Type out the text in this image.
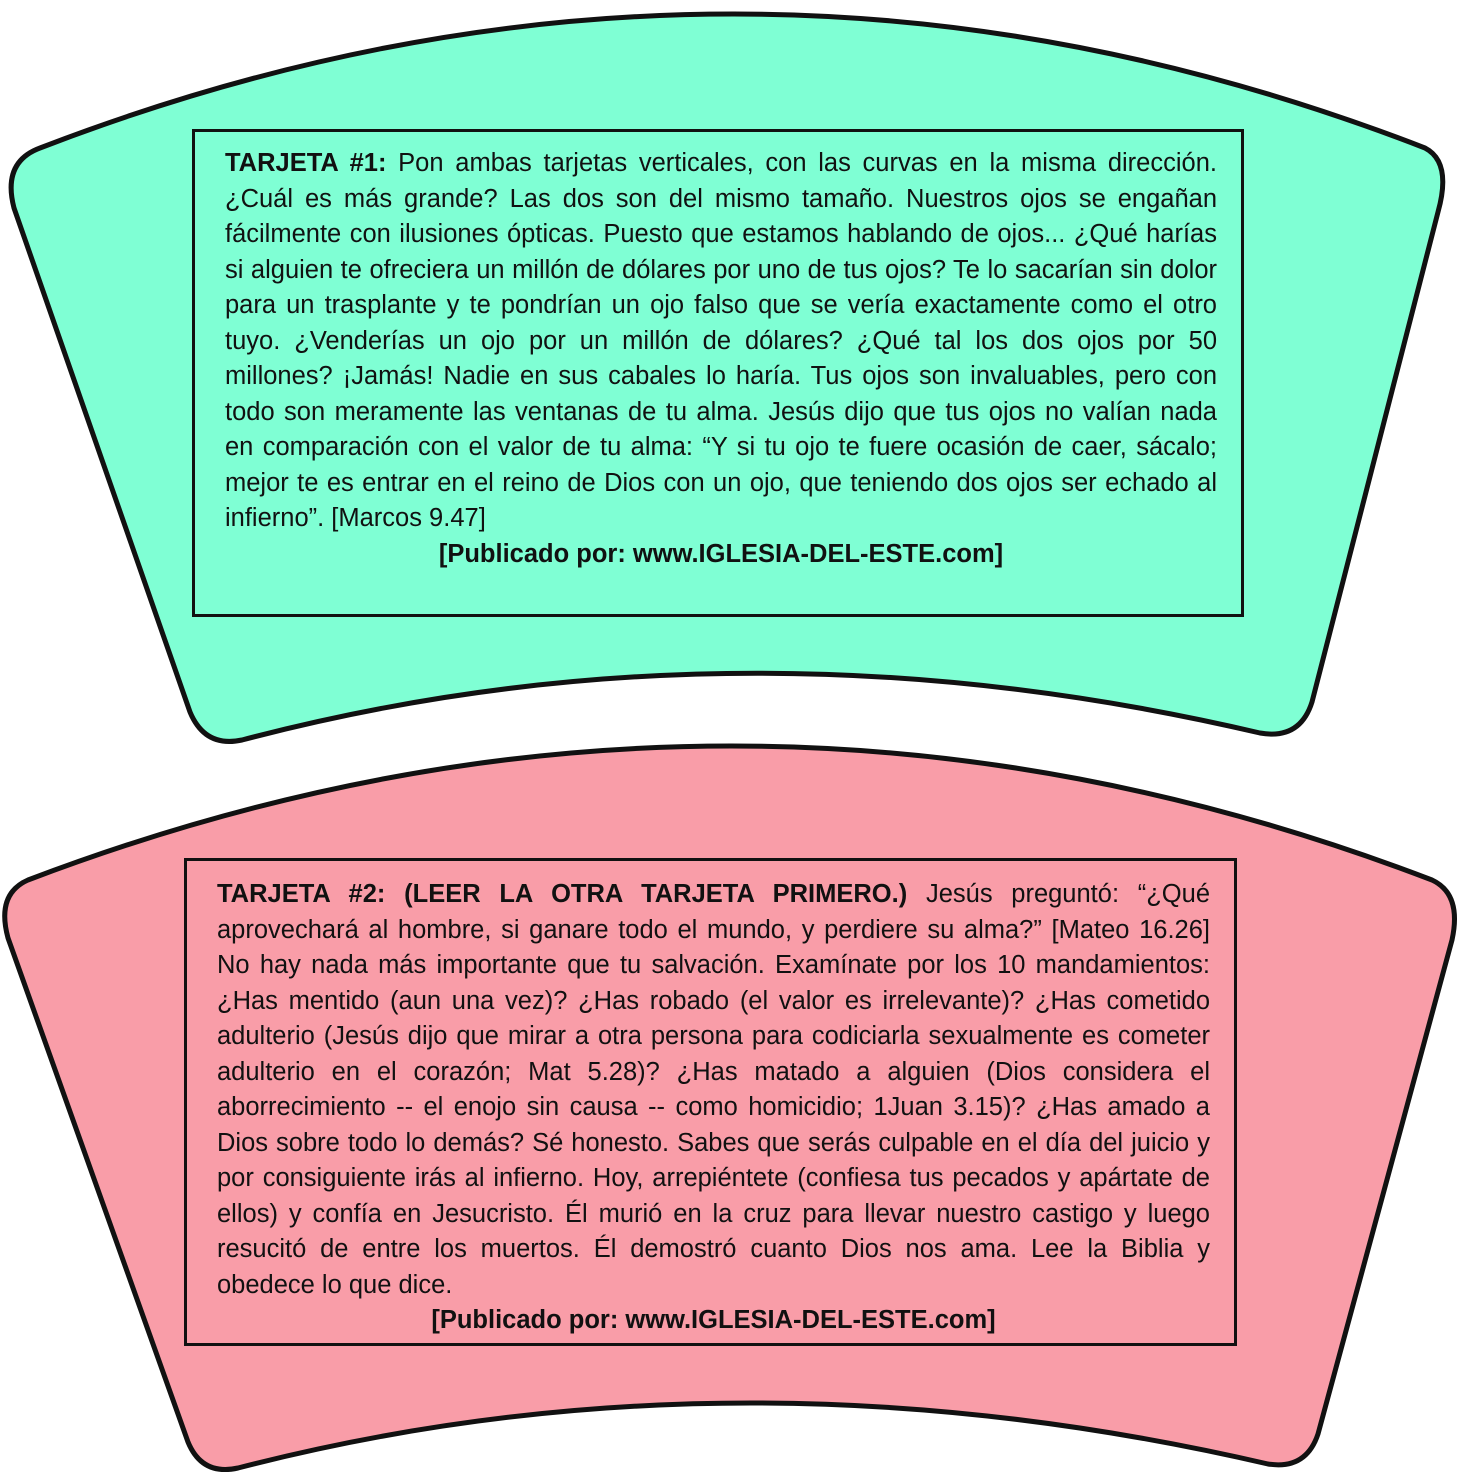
TARJETA #1: Pon ambas tarjetas verticales, con las curvas en la misma dirección. ¿Cuál es más grande? Las dos son del mismo tamaño. Nuestros ojos se engañan fácilmente con ilusiones ópticas. Puesto que estamos hablando de ojos... ¿Qué harías si alguien te ofreciera un millón de dólares por uno de tus ojos? Te lo sacarían sin dolor para un trasplante y te pondrían un ojo falso que se vería exactamente como el otro tuyo. ¿Venderías un ojo por un millón de dólares? ¿Qué tal los dos ojos por 50 millones? ¡Jamás! Nadie en sus cabales lo haría. Tus ojos son invaluables, pero con todo son meramente las ventanas de tu alma. Jesús dijo que tus ojos no valían nada en comparación con el valor de tu alma: “Y si tu ojo te fuere ocasión de caer, sácalo; mejor te es entrar en el reino de Dios con un ojo, que teniendo dos ojos ser echado al infierno”. [Marcos 9.47]

[Publicado por: www.IGLESIA-DEL-ESTE.com]

TARJETA #2: (LEER LA OTRA TARJETA PRIMERO.) Jesús preguntó: “¿Qué aprovechará al hombre, si ganare todo el mundo, y perdiere su alma?” [Mateo 16.26] No hay nada más importante que tu salvación. Examínate por los 10 mandamientos: ¿Has mentido (aun una vez)? ¿Has robado (el valor es irrelevante)? ¿Has cometido adulterio (Jesús dijo que mirar a otra persona para codiciarla sexualmente es cometer adulterio en el corazón; Mat 5.28)? ¿Has matado a alguien (Dios considera el aborrecimiento -- el enojo sin causa -- como homicidio; 1Juan 3.15)? ¿Has amado a Dios sobre todo lo demás? Sé honesto. Sabes que serás culpable en el día del juicio y por consiguiente irás al infierno. Hoy, arrepiéntete (confiesa tus pecados y apártate de ellos) y confía en Jesucristo. Él murió en la cruz para llevar nuestro castigo y luego resucitó de entre los muertos. Él demostró cuanto Dios nos ama. Lee la Biblia y obedece lo que dice.

[Publicado por: www.IGLESIA-DEL-ESTE.com]
